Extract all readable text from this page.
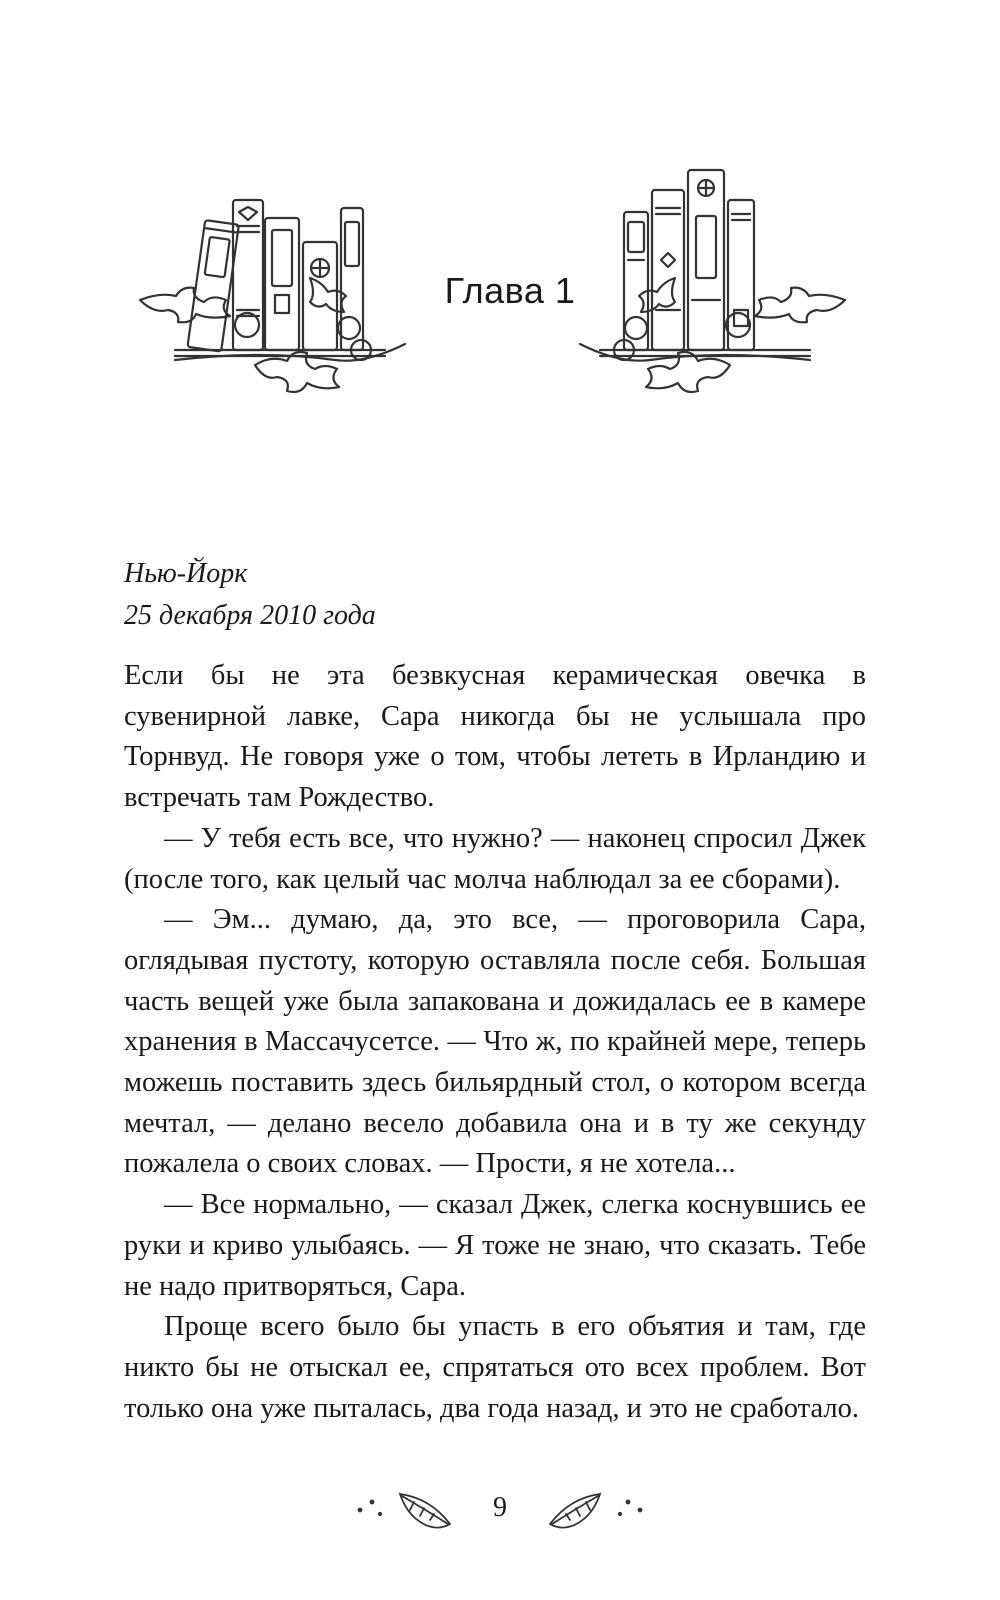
Глава 1
Нью-Йорк
25 декабря 2010 года

Если бы не эта безвкусная керамическая овечка в сувенирной лавке, Сара никогда бы не услышала про Торнвуд. Не говоря уже о том, чтобы лететь в Ирландию и встречать там Рождество.

— У тебя есть все, что нужно? — наконец спросил Джек (после того, как целый час молча наблюдал за ее сборами).

— Эм... думаю, да, это все, — проговорила Сара, оглядывая пустоту, которую оставляла после себя. Большая часть вещей уже была запакована и дожидалась ее в камере хранения в Массачусетсе. — Что ж, по крайней мере, теперь можешь поставить здесь бильярдный стол, о котором всегда мечтал, — делано весело добавила она и в ту же секунду пожалела о своих словах. — Прости, я не хотела...

— Все нормально, — сказал Джек, слегка коснувшись ее руки и криво улыбаясь. — Я тоже не знаю, что сказать. Тебе не надо притворяться, Сара.

Проще всего было бы упасть в его объятия и там, где никто бы не отыскал ее, спрятаться ото всех проблем. Вот только она уже пыталась, два года назад, и это не сработало.

9
